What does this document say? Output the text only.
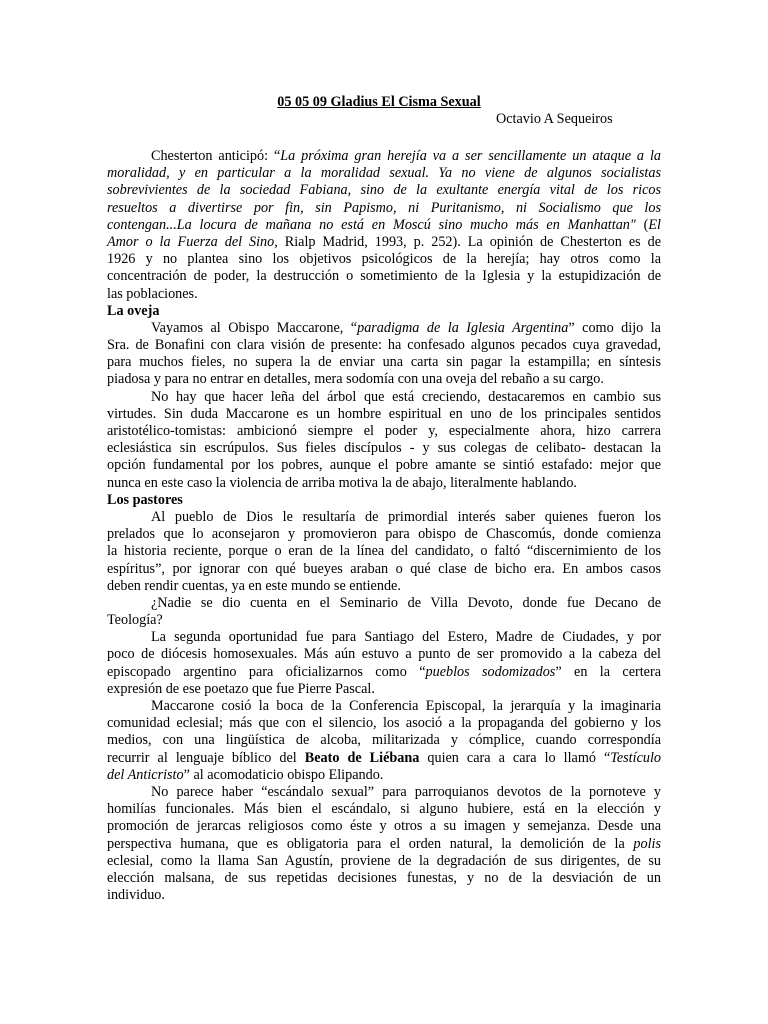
05 05 09 Gladius El Cisma Sexual
Octavio A Sequeiros
Chesterton anticipó: “La próxima gran herejía va a ser sencillamente un ataque a la
moralidad, y en particular a la moralidad sexual. Ya no viene de algunos socialistas
sobrevivientes de la sociedad Fabiana, sino de la exultante energía vital de los ricos
resueltos a divertirse por fin, sin Papismo, ni Puritanismo, ni Socialismo que los
contengan...La locura de mañana no está en Moscú sino mucho más en Manhattan" (El
Amor o la Fuerza del Sino, Rialp Madrid, 1993, p. 252). La opinión de Chesterton es de
1926 y no plantea sino los objetivos psicológicos de la herejía; hay otros como la
concentración de poder, la destrucción o sometimiento de la Iglesia y la estupidización de
las poblaciones.
La oveja
Vayamos al Obispo Maccarone, “paradigma de la Iglesia Argentina” como dijo la
Sra. de Bonafini con clara visión de presente: ha confesado algunos pecados cuya gravedad,
para muchos fieles, no supera la de enviar una carta sin pagar la estampilla; en síntesis
piadosa y para no entrar en detalles, mera sodomía con una oveja del rebaño a su cargo.
No hay que hacer leña del árbol que está creciendo, destacaremos en cambio sus
virtudes. Sin duda Maccarone es un hombre espiritual en uno de los principales sentidos
aristotélico-tomistas: ambicionó siempre el poder y, especialmente ahora, hizo carrera
eclesiástica sin escrúpulos. Sus fieles discípulos - y sus colegas de celibato- destacan la
opción fundamental por los pobres, aunque el pobre amante se sintió estafado: mejor que
nunca en este caso la violencia de arriba motiva la de abajo, literalmente hablando.
Los pastores
Al pueblo de Dios le resultaría de primordial interés saber quienes fueron los
prelados que lo aconsejaron y promovieron para obispo de Chascomús, donde comienza
la historia reciente, porque o eran de la línea del candidato, o faltó “discernimiento de los
espíritus”, por ignorar con qué bueyes araban o qué clase de bicho era. En ambos casos
deben rendir cuentas, ya en este mundo se entiende.
¿Nadie se dio cuenta en el Seminario de Villa Devoto, donde fue Decano de
Teología?
La segunda oportunidad fue para Santiago del Estero, Madre de Ciudades, y por
poco de diócesis homosexuales. Más aún estuvo a punto de ser promovido a la cabeza del
episcopado argentino para oficializarnos como “pueblos sodomizados” en la certera
expresión de ese poetazo que fue Pierre Pascal.
Maccarone cosió la boca de la Conferencia Episcopal, la jerarquía y la imaginaria
comunidad eclesial; más que con el silencio, los asoció a la propaganda del gobierno y los
medios, con una lingüística de alcoba, militarizada y cómplice, cuando correspondía
recurrir al lenguaje bíblico del Beato de Liébana quien cara a cara lo llamó “Testículo
del Anticristo” al acomodaticio obispo Elipando.
No parece haber “escándalo sexual” para parroquianos devotos de la pornoteve y
homilías funcionales. Más bien el escándalo, si alguno hubiere, está en la elección y
promoción de jerarcas religiosos como éste y otros a su imagen y semejanza. Desde una
perspectiva humana, que es obligatoria para el orden natural, la demolición de la polis
eclesial, como la llama San Agustín, proviene de la degradación de sus dirigentes, de su
elección malsana, de sus repetidas decisiones funestas, y no de la desviación de un
individuo.
